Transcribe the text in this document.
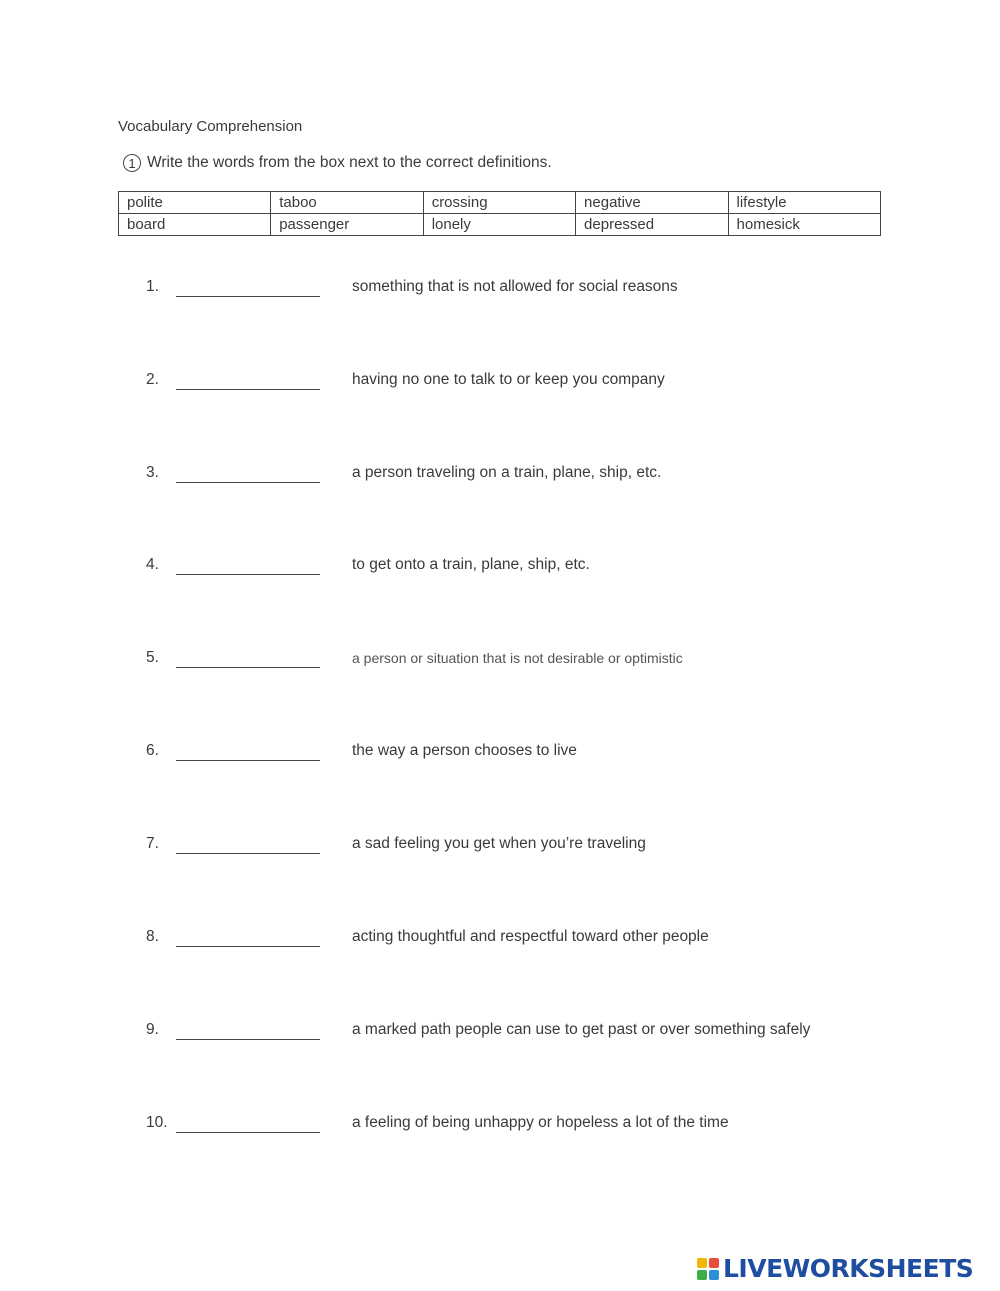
Vocabulary Comprehension
1 Write the words from the box next to the correct definitions.
polite	taboo	crossing	negative	lifestyle
board	passenger	lonely	depressed	homesick
1.	something that is not allowed for social reasons
2.	having no one to talk to or keep you company
3.	a person traveling on a train, plane, ship, etc.
4.	to get onto a train, plane, ship, etc.
5.	a person or situation that is not desirable or optimistic
6.	the way a person chooses to live
7.	a sad feeling you get when you’re traveling
8.	acting thoughtful and respectful toward other people
9.	a marked path people can use to get past or over something safely
10.	a feeling of being unhappy or hopeless a lot of the time
LIVEWORKSHEETS
